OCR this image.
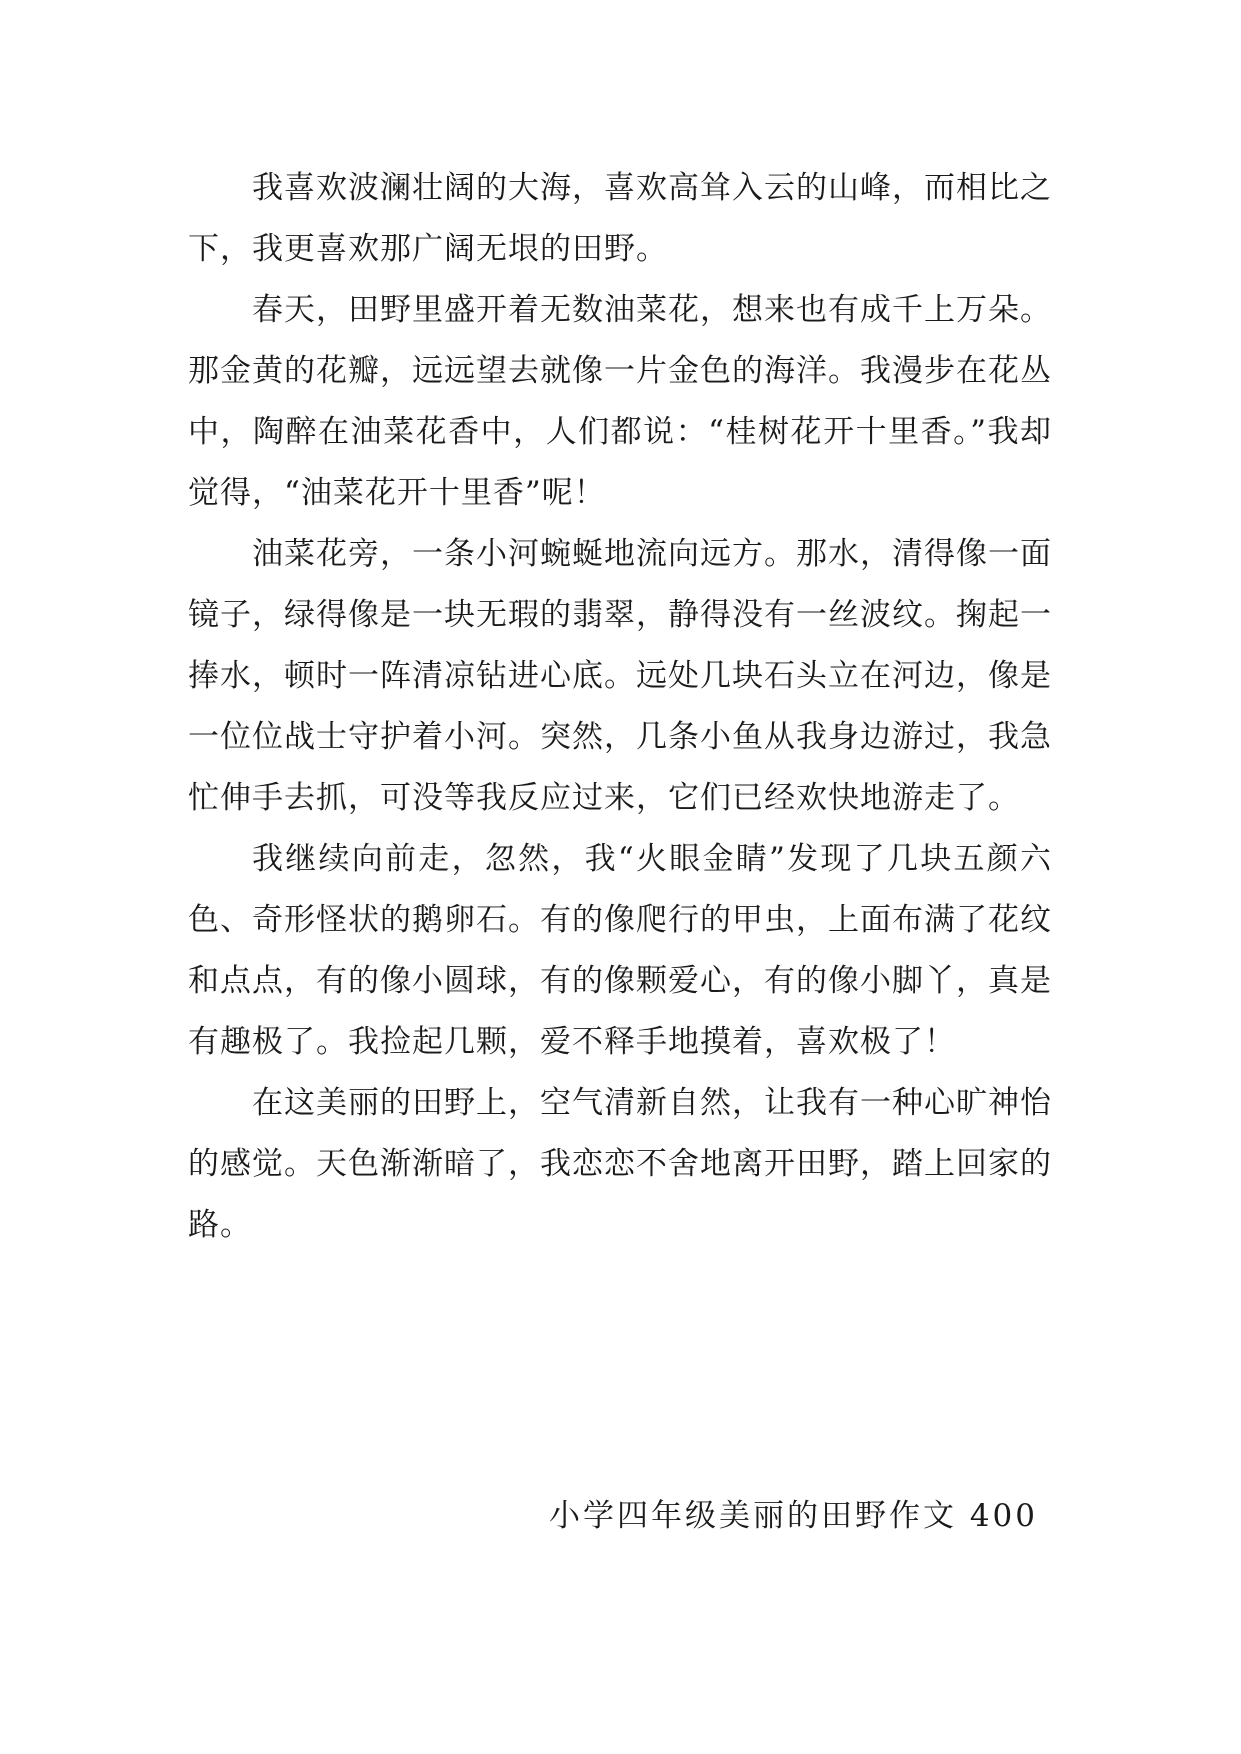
我喜欢波澜壮阔的大海，喜欢高耸入云的山峰，而相比之下，我更喜欢那广阔无垠的田野。

春天，田野里盛开着无数油菜花，想来也有成千上万朵。那金黄的花瓣，远远望去就像一片金色的海洋。我漫步在花丛中，陶醉在油菜花香中，人们都说：“桂树花开十里香。”我却觉得，“油菜花开十里香”呢！

油菜花旁，一条小河蜿蜒地流向远方。那水，清得像一面镜子，绿得像是一块无瑕的翡翠，静得没有一丝波纹。掬起一捧水，顿时一阵清凉钻进心底。远处几块石头立在河边，像是一位位战士守护着小河。突然，几条小鱼从我身边游过，我急忙伸手去抓，可没等我反应过来，它们已经欢快地游走了。

我继续向前走，忽然，我“火眼金睛”发现了几块五颜六色、奇形怪状的鹅卵石。有的像爬行的甲虫，上面布满了花纹和点点，有的像小圆球，有的像颗爱心，有的像小脚丫，真是有趣极了。我捡起几颗，爱不释手地摸着，喜欢极了！

在这美丽的田野上，空气清新自然，让我有一种心旷神怡的感觉。天色渐渐暗了，我恋恋不舍地离开田野，踏上回家的路。

小学四年级美丽的田野作文 400
